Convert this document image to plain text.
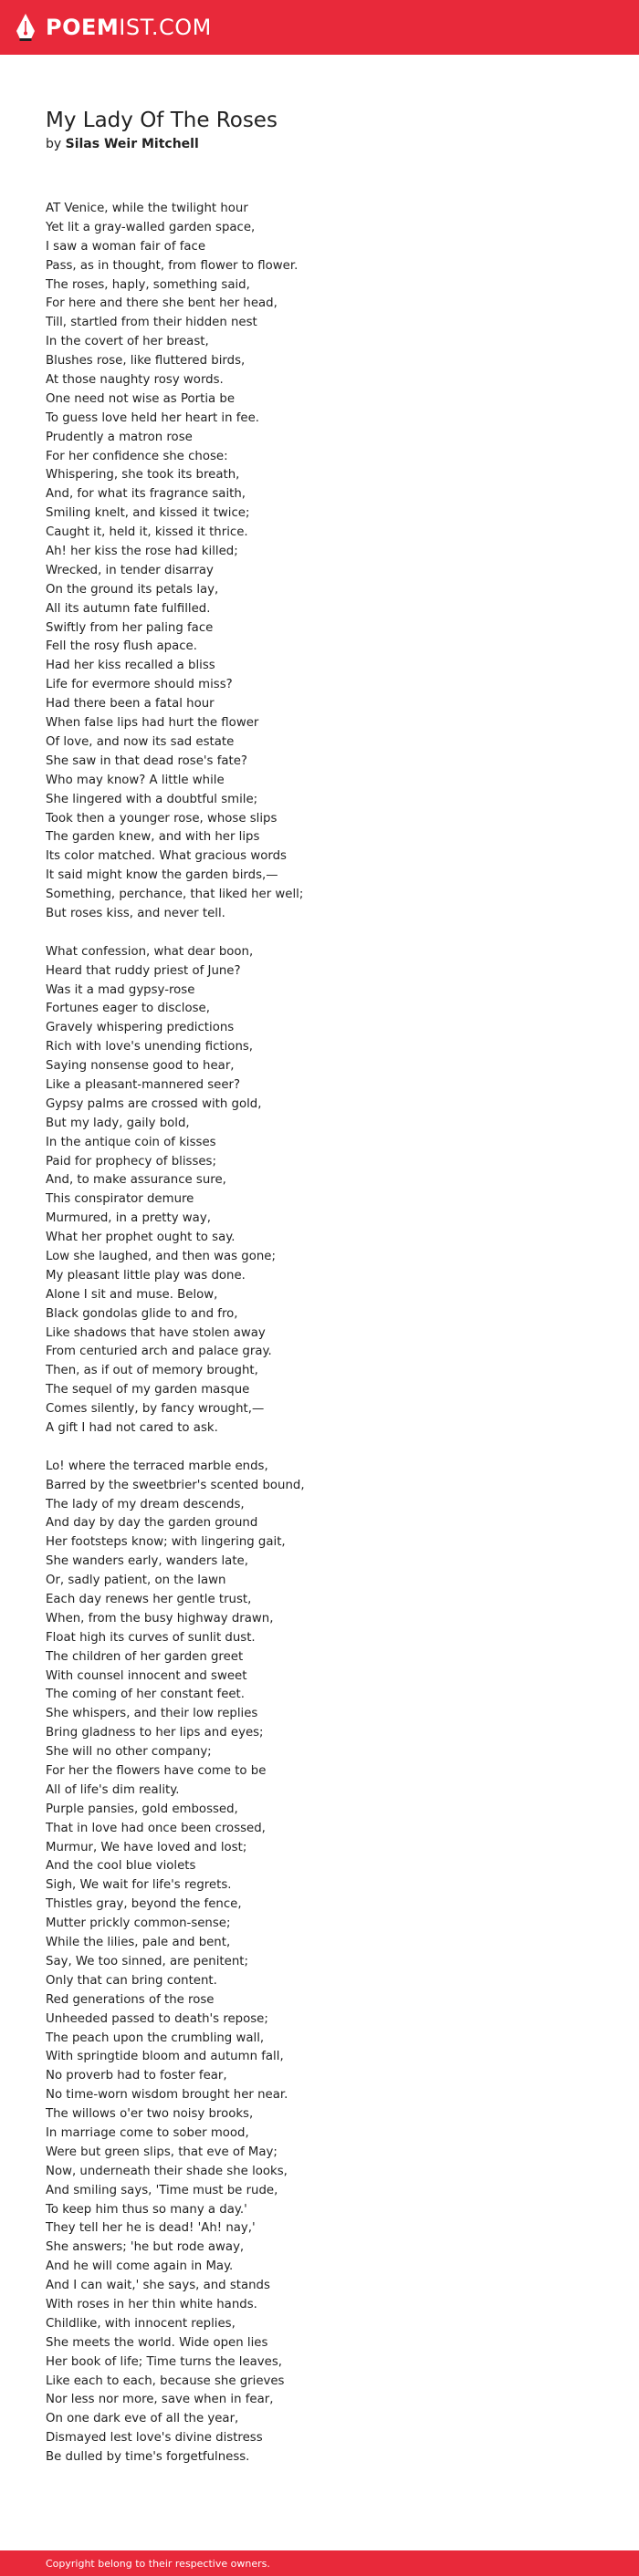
POEMIST.COM
My Lady Of The Roses
by Silas Weir Mitchell
AT Venice, while the twilight hour
Yet lit a gray-walled garden space,
I saw a woman fair of face
Pass, as in thought, from flower to flower.
The roses, haply, something said,
For here and there she bent her head,
Till, startled from their hidden nest
In the covert of her breast,
Blushes rose, like fluttered birds,
At those naughty rosy words.
One need not wise as Portia be
To guess love held her heart in fee.
Prudently a matron rose
For her confidence she chose:
Whispering, she took its breath,
And, for what its fragrance saith,
Smiling knelt, and kissed it twice;
Caught it, held it, kissed it thrice.
Ah! her kiss the rose had killed;
Wrecked, in tender disarray
On the ground its petals lay,
All its autumn fate fulfilled.
Swiftly from her paling face
Fell the rosy flush apace.
Had her kiss recalled a bliss
Life for evermore should miss?
Had there been a fatal hour
When false lips had hurt the flower
Of love, and now its sad estate
She saw in that dead rose's fate?
Who may know? A little while
She lingered with a doubtful smile;
Took then a younger rose, whose slips
The garden knew, and with her lips
Its color matched. What gracious words
It said might know the garden birds,—
Something, perchance, that liked her well;
But roses kiss, and never tell.
What confession, what dear boon,
Heard that ruddy priest of June?
Was it a mad gypsy-rose
Fortunes eager to disclose,
Gravely whispering predictions
Rich with love's unending fictions,
Saying nonsense good to hear,
Like a pleasant-mannered seer?
Gypsy palms are crossed with gold,
But my lady, gaily bold,
In the antique coin of kisses
Paid for prophecy of blisses;
And, to make assurance sure,
This conspirator demure
Murmured, in a pretty way,
What her prophet ought to say.
Low she laughed, and then was gone;
My pleasant little play was done.
Alone I sit and muse. Below,
Black gondolas glide to and fro,
Like shadows that have stolen away
From centuried arch and palace gray.
Then, as if out of memory brought,
The sequel of my garden masque
Comes silently, by fancy wrought,—
A gift I had not cared to ask.
Lo! where the terraced marble ends,
Barred by the sweetbrier's scented bound,
The lady of my dream descends,
And day by day the garden ground
Her footsteps know; with lingering gait,
She wanders early, wanders late,
Or, sadly patient, on the lawn
Each day renews her gentle trust,
When, from the busy highway drawn,
Float high its curves of sunlit dust.
The children of her garden greet
With counsel innocent and sweet
The coming of her constant feet.
She whispers, and their low replies
Bring gladness to her lips and eyes;
She will no other company;
For her the flowers have come to be
All of life's dim reality.
Purple pansies, gold embossed,
That in love had once been crossed,
Murmur, We have loved and lost;
And the cool blue violets
Sigh, We wait for life's regrets.
Thistles gray, beyond the fence,
Mutter prickly common-sense;
While the lilies, pale and bent,
Say, We too sinned, are penitent;
Only that can bring content.
Red generations of the rose
Unheeded passed to death's repose;
The peach upon the crumbling wall,
With springtide bloom and autumn fall,
No proverb had to foster fear,
No time-worn wisdom brought her near.
The willows o'er two noisy brooks,
In marriage come to sober mood,
Were but green slips, that eve of May;
Now, underneath their shade she looks,
And smiling says, 'Time must be rude,
To keep him thus so many a day.'
They tell her he is dead! 'Ah! nay,'
She answers; 'he but rode away,
And he will come again in May.
And I can wait,' she says, and stands
With roses in her thin white hands.
Childlike, with innocent replies,
She meets the world. Wide open lies
Her book of life; Time turns the leaves,
Like each to each, because she grieves
Nor less nor more, save when in fear,
On one dark eve of all the year,
Dismayed lest love's divine distress
Be dulled by time's forgetfulness.
Copyright belong to their respective owners.
